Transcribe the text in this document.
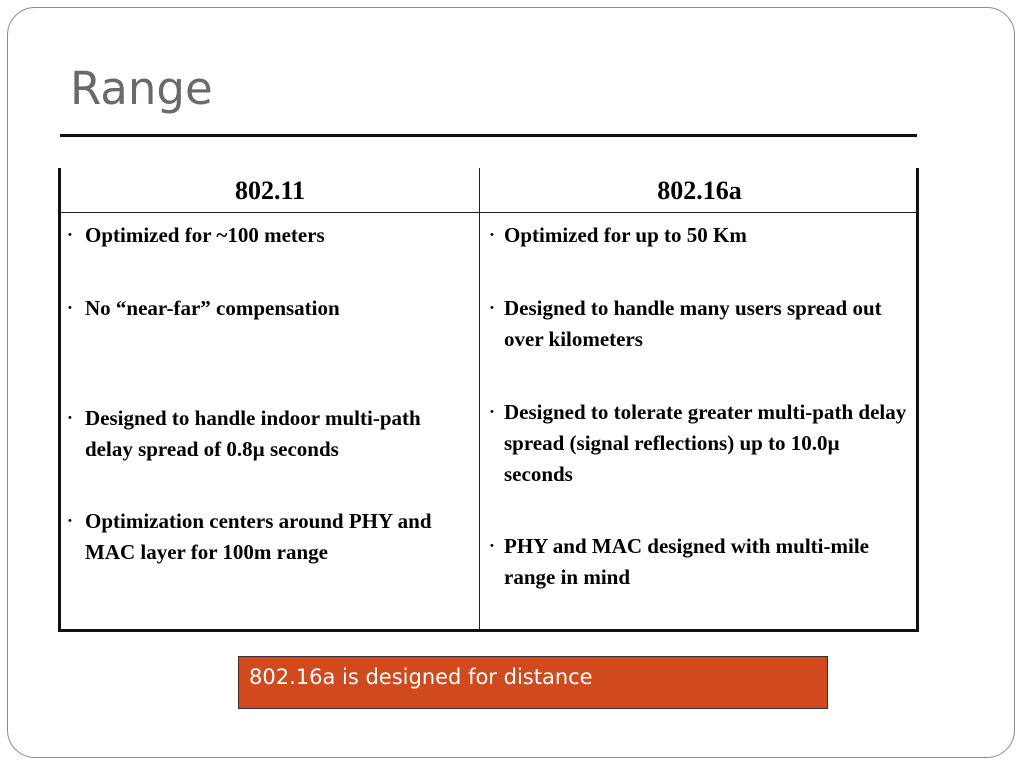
Range
802.11	802.16a
• Optimized for ~100 meters
• No “near-far” compensation
• Designed to handle indoor multi-path delay spread of 0.8µ seconds
• Optimization centers around PHY and MAC layer for 100m range
• Optimized for up to 50 Km
• Designed to handle many users spread out over kilometers
• Designed to tolerate greater multi-path delay spread (signal reflections) up to 10.0µ seconds
• PHY and MAC designed with multi-mile range in mind

802.16a is designed for distance
